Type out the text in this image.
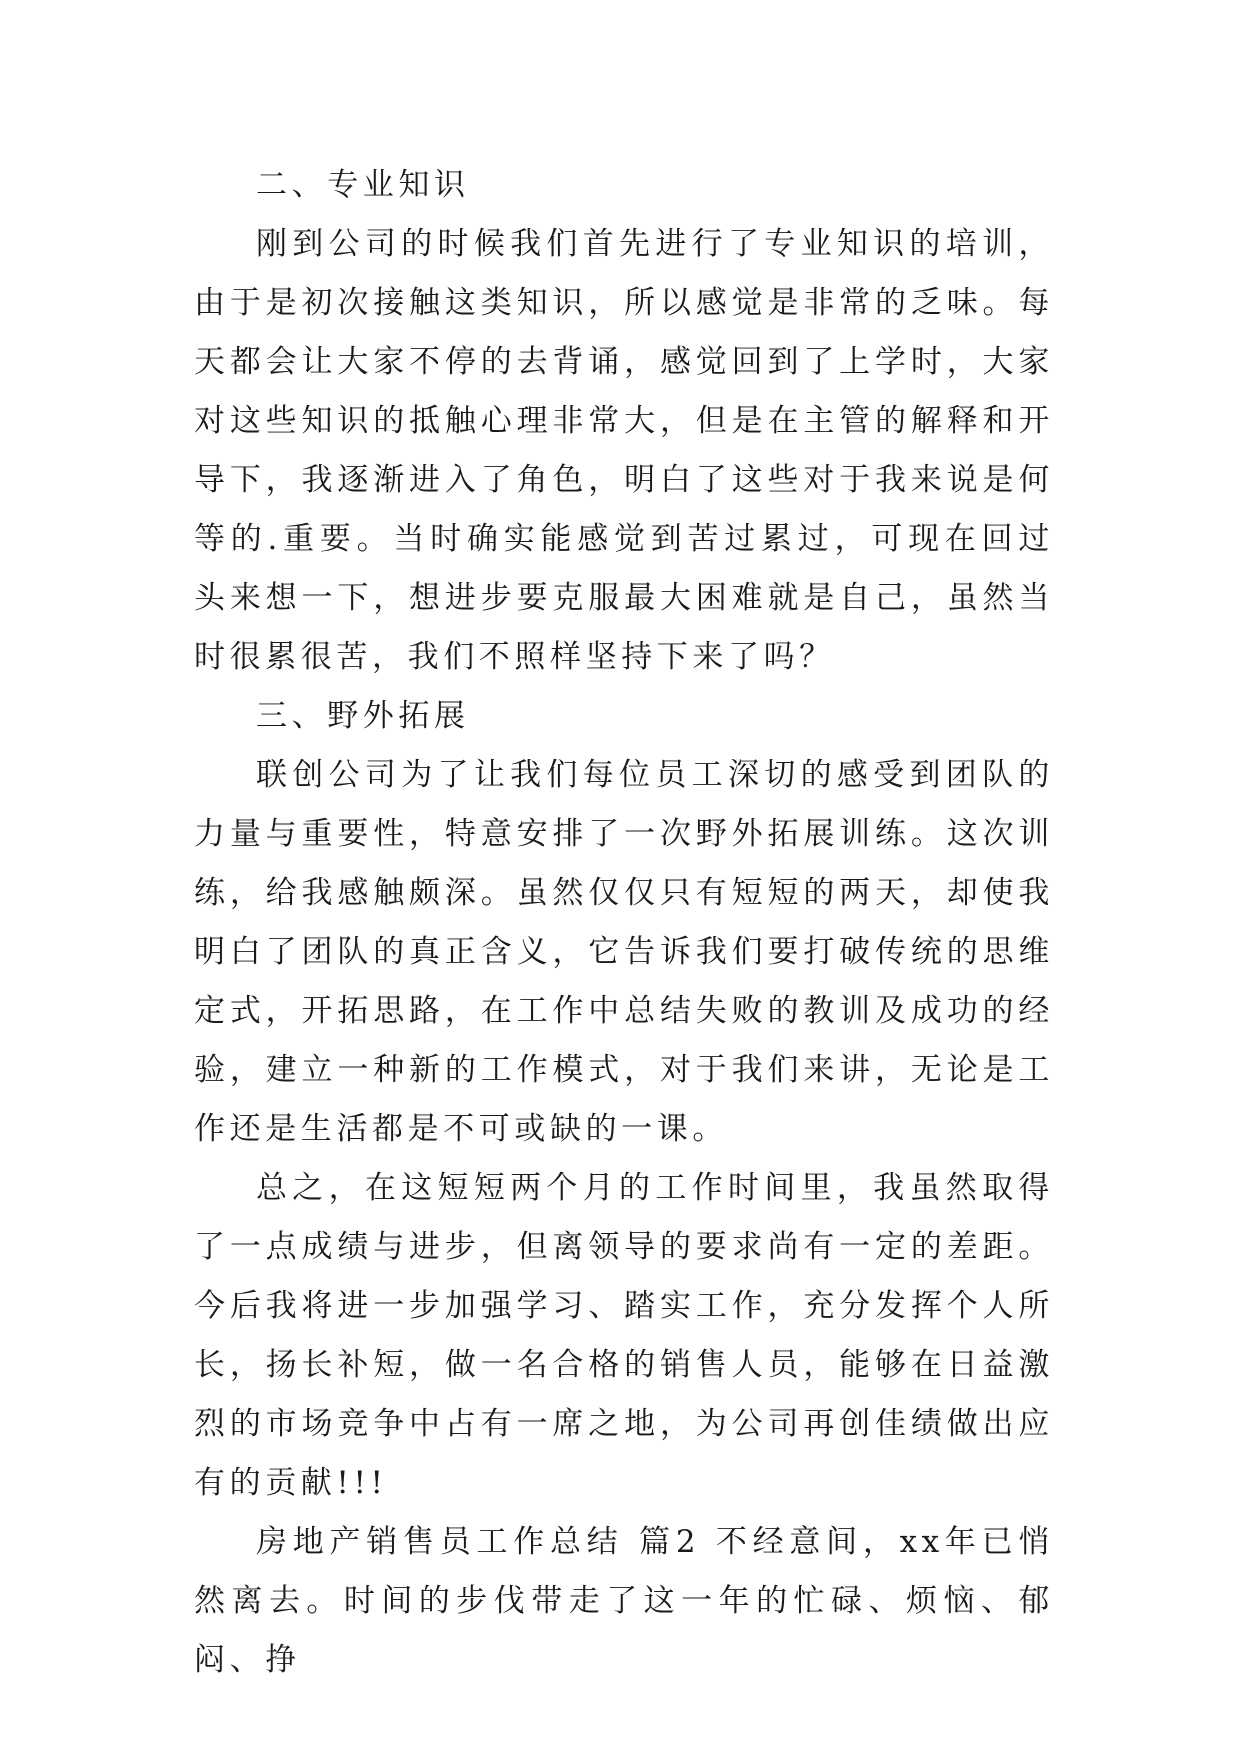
二、专业知识

刚到公司的时候我们首先进行了专业知识的培训，由于是初次接触这类知识，所以感觉是非常的乏味。每天都会让大家不停的去背诵，感觉回到了上学时，大家对这些知识的抵触心理非常大，但是在主管的解释和开导下，我逐渐进入了角色，明白了这些对于我来说是何等的.重要。当时确实能感觉到苦过累过，可现在回过头来想一下，想进步要克服最大困难就是自己，虽然当时很累很苦，我们不照样坚持下来了吗？

三、野外拓展

联创公司为了让我们每位员工深切的感受到团队的力量与重要性，特意安排了一次野外拓展训练。这次训练，给我感触颇深。虽然仅仅只有短短的两天，却使我明白了团队的真正含义，它告诉我们要打破传统的思维定式，开拓思路，在工作中总结失败的教训及成功的经验，建立一种新的工作模式，对于我们来讲，无论是工作还是生活都是不可或缺的一课。

总之，在这短短两个月的工作时间里，我虽然取得了一点成绩与进步，但离领导的要求尚有一定的差距。今后我将进一步加强学习、踏实工作，充分发挥个人所长，扬长补短，做一名合格的销售人员，能够在日益激烈的市场竞争中占有一席之地，为公司再创佳绩做出应有的贡献!!!

房地产销售员工作总结 篇2 不经意间，xx年已悄然离去。时间的步伐带走了这一年的忙碌、烦恼、郁闷、挣
